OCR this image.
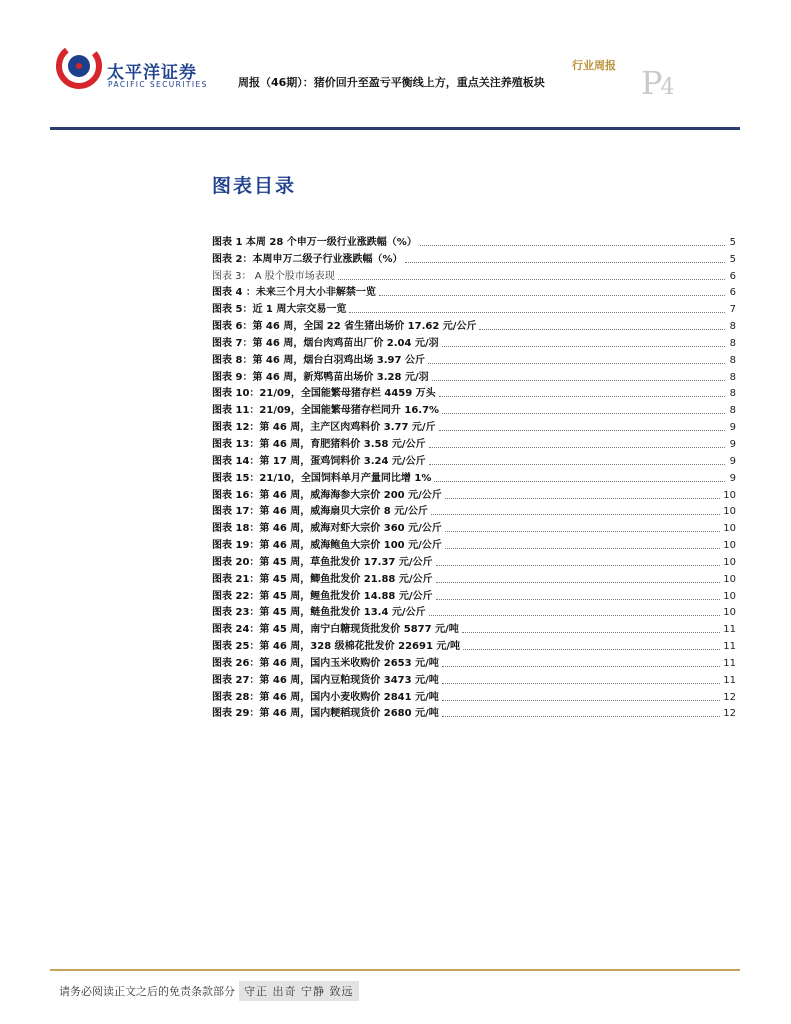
太平洋证券
PACIFIC SECURITIES
行业周报
周报（46期）：猪价回升至盈亏平衡线上方，重点关注养殖板块	P4
图表目录
图表 1 本周 28 个申万一级行业涨跌幅（%）	5
图表 2：本周申万二级子行业涨跌幅（%）	5
图表 3： A 股个股市场表现	6
图表 4 ：未来三个月大小非解禁一览	6
图表 5：近 1 周大宗交易一览	7
图表 6：第 46 周，全国 22 省生猪出场价 17.62 元/公斤	8
图表 7：第 46 周，烟台肉鸡苗出厂价 2.04 元/羽	8
图表 8：第 46 周，烟台白羽鸡出场 3.97 公斤	8
图表 9：第 46 周，新郑鸭苗出场价 3.28 元/羽	8
图表 10：21/09，全国能繁母猪存栏 4459 万头	8
图表 11：21/09，全国能繁母猪存栏同升 16.7%	8
图表 12：第 46 周，主产区肉鸡料价 3.77 元/斤	9
图表 13：第 46 周，育肥猪料价 3.58 元/公斤	9
图表 14：第 17 周，蛋鸡饲料价 3.24 元/公斤	9
图表 15：21/10，全国饲料单月产量同比增 1%	9
图表 16：第 46 周，威海海参大宗价 200 元/公斤	10
图表 17：第 46 周，威海扇贝大宗价 8 元/公斤	10
图表 18：第 46 周，威海对虾大宗价 360 元/公斤	10
图表 19：第 46 周，威海鲍鱼大宗价 100 元/公斤	10
图表 20：第 45 周，草鱼批发价 17.37 元/公斤	10
图表 21：第 45 周，鲫鱼批发价 21.88 元/公斤	10
图表 22：第 45 周，鲤鱼批发价 14.88 元/公斤	10
图表 23：第 45 周，鲢鱼批发价 13.4 元/公斤	10
图表 24：第 45 周，南宁白糖现货批发价 5877 元/吨	11
图表 25：第 46 周，328 级棉花批发价 22691 元/吨	11
图表 26：第 46 周，国内玉米收购价 2653 元/吨	11
图表 27：第 46 周，国内豆粕现货价 3473 元/吨	11
图表 28：第 46 周，国内小麦收购价 2841 元/吨	12
图表 29：第 46 周，国内粳稻现货价 2680 元/吨	12
请务必阅读正文之后的免责条款部分 守正 出奇 宁静 致远
